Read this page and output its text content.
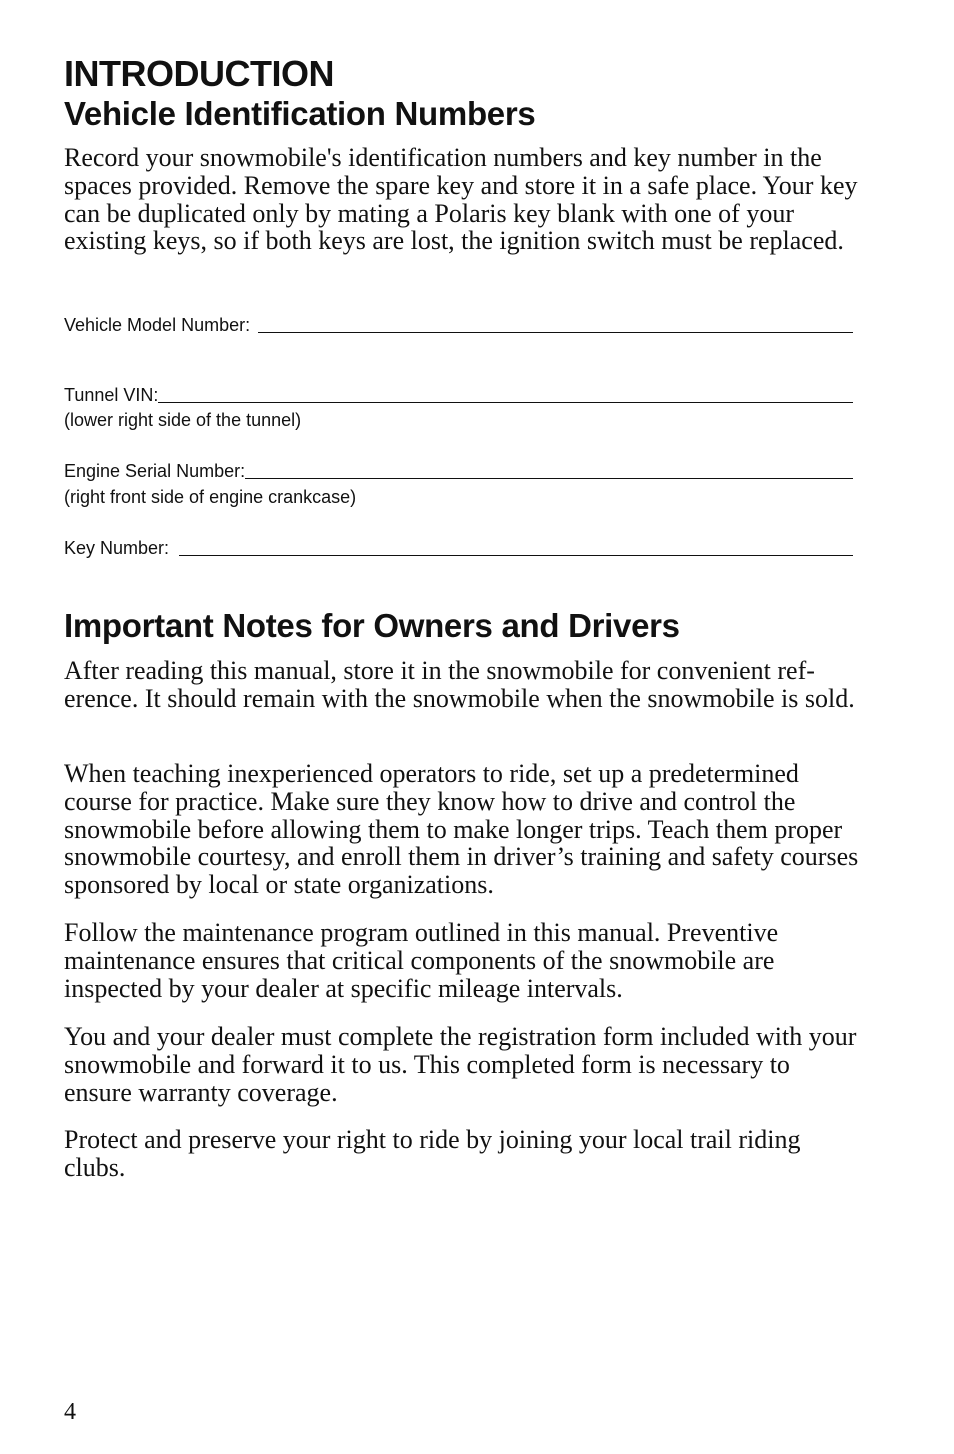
INTRODUCTION
Vehicle Identification Numbers

Record your snowmobile's identification numbers and key number in the spaces provided. Remove the spare key and store it in a safe place. Your key can be duplicated only by mating a Polaris key blank with one of your existing keys, so if both keys are lost, the ignition switch must be replaced.

Vehicle Model Number:
Tunnel VIN:
(lower right side of the tunnel)
Engine Serial Number:
(right front side of engine crankcase)
Key Number:
Important Notes for Owners and Drivers

After reading this manual, store it in the snowmobile for convenient ref-erence. It should remain with the snowmobile when the snowmobile is sold.

When teaching inexperienced operators to ride, set up a predetermined course for practice. Make sure they know how to drive and control the snowmobile before allowing them to make longer trips. Teach them proper snowmobile courtesy, and enroll them in driver’s training and safety courses sponsored by local or state organizations.

Follow the maintenance program outlined in this manual. Preventive maintenance ensures that critical components of the snowmobile are inspected by your dealer at specific mileage intervals.

You and your dealer must complete the registration form included with your snowmobile and forward it to us. This completed form is necessary to ensure warranty coverage.

Protect and preserve your right to ride by joining your local trail riding clubs.

4
